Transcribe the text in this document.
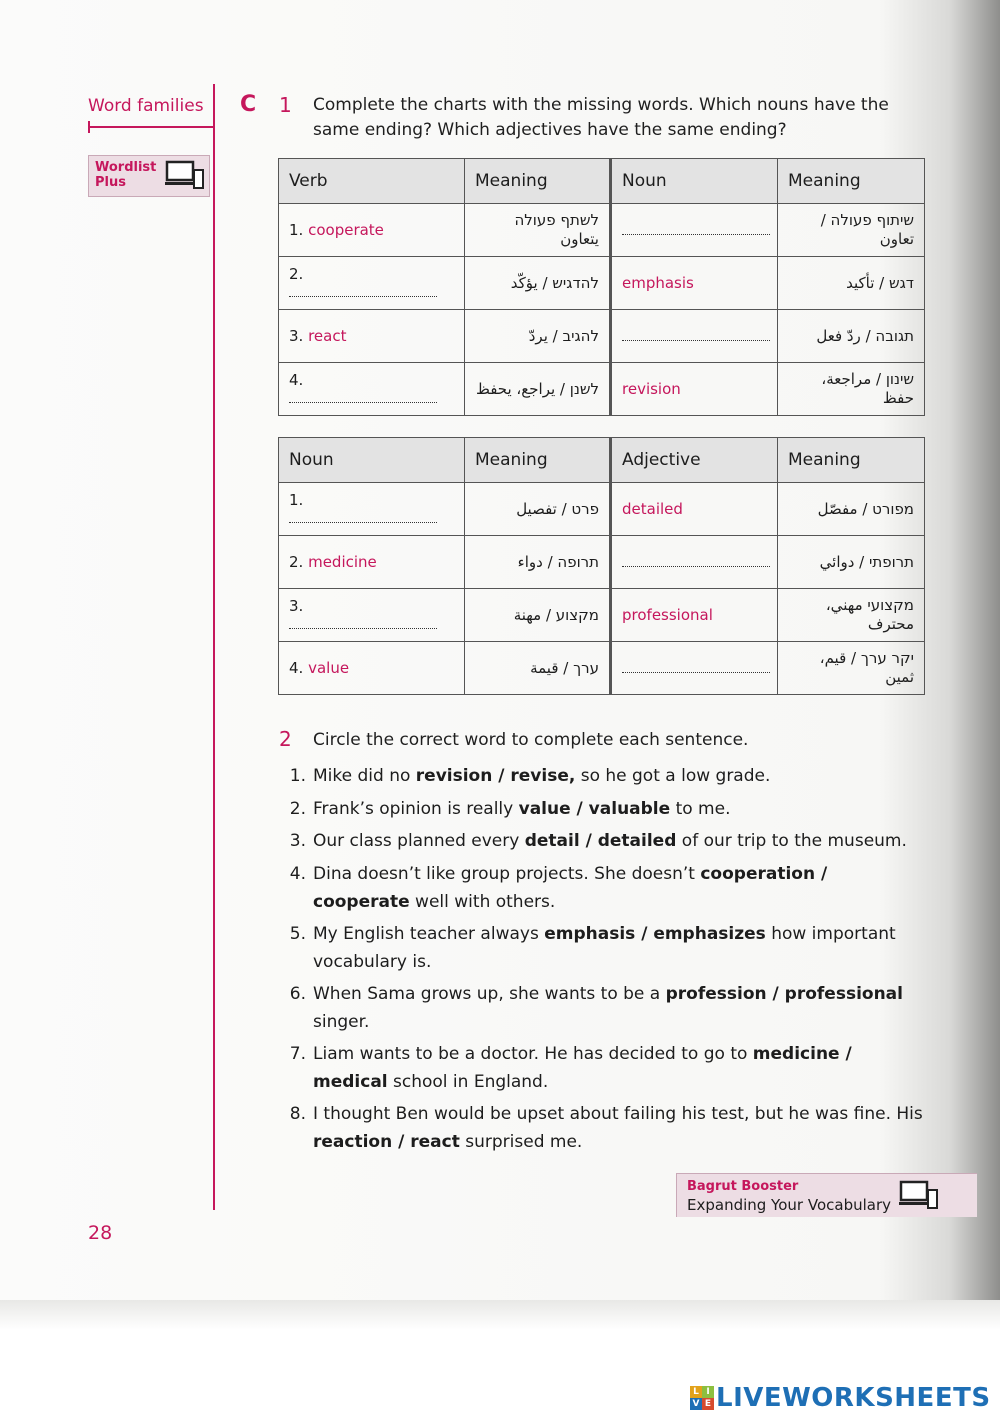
Word families
Wordlist Plus
C 1 Complete the charts with the missing words. Which nouns have the same ending? Which adjectives have the same ending?
Verb	Meaning	Noun	Meaning
1. cooperate	לשתף פעולה يتعاون		שיתוף פעולה / تعاون
2.	להדגיש / يؤكّد	emphasis	דגש / تأكيد
3. react	להגיב / يردّ		תגובה / ردّ فعل
4.	לשנן / يراجع، يحفظ	revision	שינון / مراجعة، حفظ
Noun	Meaning	Adjective	Meaning
1.	פרט / تفصيل	detailed	מפורט / مفصّل
2. medicine	תרופה / دواء		תרופתי / دوائي
3.	מקצוע / مهنة	professional	מקצועי مهني، محترف
4. value	ערך / قيمة		יקר ערך / قيم، ثمين
2 Circle the correct word to complete each sentence.
1. Mike did no revision / revise, so he got a low grade.
2. Frank’s opinion is really value / valuable to me.
3. Our class planned every detail / detailed of our trip to the museum.
4. Dina doesn’t like group projects. She doesn’t cooperation / cooperate well with others.
5. My English teacher always emphasis / emphasizes how important vocabulary is.
6. When Sama grows up, she wants to be a profession / professional singer.
7. Liam wants to be a doctor. He has decided to go to medicine / medical school in England.
8. I thought Ben would be upset about failing his test, but he was fine. His reaction / react surprised me.
Bagrut Booster
Expanding Your Vocabulary
28
L I
V E LIVEWORKSHEETS
